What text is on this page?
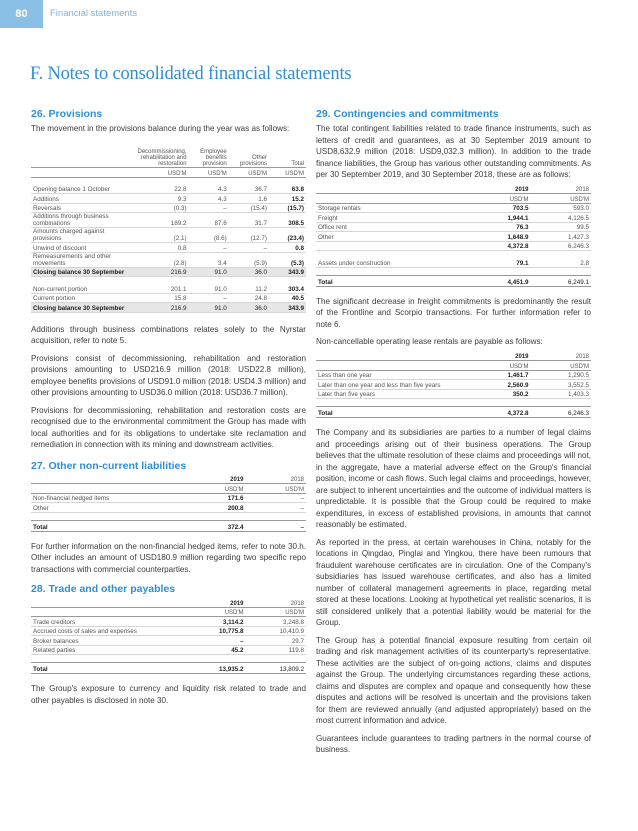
80	Financial statements
F. Notes to consolidated financial statements
26. Provisions

The movement in the provisions balance during the year was as follows:

	Decommissioning, rehabilitation and restoration	Employee benefits provision	Other provisions	Total
	USD'M	USD'M	USD'M	USD'M

Opening balance 1 October	22.8	4.3	36.7	63.8
Additions	9.3	4.3	1.6	15.2
Reversals	(0.3)	–	(15.4)	(15.7)
Additions through business combinations	189.2	87.6	31.7	308.5
Amounts charged against provisions	(2.1)	(8.6)	(12.7)	(23.4)
Unwind of discount	0.8	–	–	0.8
Remeasurements and other movements	(2.8)	3.4	(5.9)	(5.3)
Closing balance 30 September	216.9	91.0	36.0	343.9

Non-current portion	201.1	91.0	11.2	303.4
Current portion	15.8	–	24.8	40.5
Closing balance 30 September	216.9	91.0	36.0	343.9

Additions through business combinations relates solely to the Nyrstar acquisition, refer to note 5.

Provisions consist of decommissioning, rehabilitation and restoration provisions amounting to USD216.9 million (2018: USD22.8 million), employee benefits provisions of USD91.0 million (2018: USD4.3 million) and other provisions amounting to USD36.0 million (2018: USD36.7 million).

Provisions for decommissioning, rehabilitation and restoration costs are recognised due to the environmental commitment the Group has made with local authorities and for its obligations to undertake site reclamation and remediation in connection with its mining and downstream activities.

27. Other non-current liabilities
	2019	2018
	USD'M	USD'M
Non-financial hedged items	171.6	–
Other	200.8	–

Total	372.4	–

For further information on the non-financial hedged items, refer to note 30.h. Other includes an amount of USD180.9 million regarding two specific repo transactions with commercial counterparties.

28. Trade and other payables
	2019	2018
	USD'M	USD'M
Trade creditors	3,114.2	3,248.8
Accrued costs of sales and expenses	10,775.8	10,410.9
Broker balances	–	29.7
Related parties	45.2	119.8

Total	13,935.2	13,809.2

The Group's exposure to currency and liquidity risk related to trade and other payables is disclosed in note 30.

29. Contingencies and commitments

The total contingent liabilities related to trade finance instruments, such as letters of credit and guarantees, as at 30 September 2019 amount to USD8,632.9 million (2018: USD9,032.3 million). In addition to the trade finance liabilities, the Group has various other outstanding commitments. As per 30 September 2019, and 30 September 2018, these are as follows:

	2019	2018
	USD'M	USD'M
Storage rentals	703.5	593.0
Freight	1,944.1	4,126.5
Office rent	76.3	99.5
Other	1,648.9	1,427.3
	4,372.8	6,246.3

Assets under construction	79.1	2.8

Total	4,451.9	6,249.1

The significant decrease in freight commitments is predominantly the result of the Frontline and Scorpio transactions. For further information refer to note 6.

Non-cancellable operating lease rentals are payable as follows:

	2019	2018
	USD'M	USD'M
Less than one year	1,461.7	1,290.5
Later than one year and less than five years	2,560.9	3,552.5
Later than five years	350.2	1,403.3

Total	4,372.8	6,246.3

The Company and its subsidiaries are parties to a number of legal claims and proceedings arising out of their business operations. The Group believes that the ultimate resolution of these claims and proceedings will not, in the aggregate, have a material adverse effect on the Group's financial position, income or cash flows. Such legal claims and proceedings, however, are subject to inherent uncertainties and the outcome of individual matters is unpredictable. It is possible that the Group could be required to make expenditures, in excess of established provisions, in amounts that cannot reasonably be estimated.

As reported in the press, at certain warehouses in China, notably for the locations in Qingdao, Pinglai and Yingkou, there have been rumours that fraudulent warehouse certificates are in circulation. One of the Company's subsidiaries has issued warehouse certificates, and also has a limited number of collateral management agreements in place, regarding metal stored at these locations. Looking at hypothetical yet realistic scenarios, it is still considered unlikely that a potential liability would be material for the Group.

The Group has a potential financial exposure resulting from certain oil trading and risk management activities of its counterparty's representative. These activities are the subject of on-going actions, claims and disputes against the Group. The underlying circumstances regarding these actions, claims and disputes are complex and opaque and consequently how these disputes and actions will be resolved is uncertain and the provisions taken for them are reviewed annually (and adjusted appropriately) based on the most current information and advice.

Guarantees include guarantees to trading partners in the normal course of business.
